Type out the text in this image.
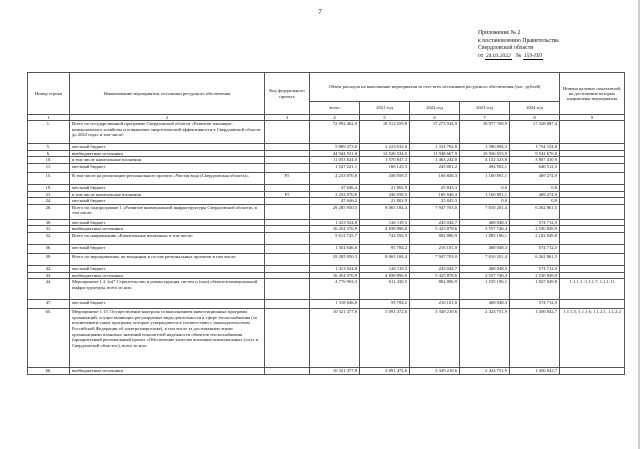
7
Приложение № 2
к постановлению Правительства
Свердловской области
от 24.03.2022 № 159-ПП
Номер строки	Наименование мероприятия, источники ресурсного обеспечения	Код федерального проекта	Объем расходов на выполнение мероприятия за счет всех источников ресурсного обеспечения (тыс. рублей)					Номера целевых показателей, на достижение которых направлены мероприятия
			всего	2021 год	2022 год	2023 год	2024 год	
1	2	3	4	5	6	7	8	9
1.	Всего по государственной программе Свердловской области «Развитие жилищно-коммунального хозяйства и повышение энергетической эффективности в Свердловской области до 2024 года» в том числе:		72 092 462,0	18 512 659,8	17 273 944,9	18 977 769,9	17 328 087,4	
5.	местный бюджет		5 889 473,0	1 223 632,0	1 334 792,8	1 586 894,3	1 754 154,8	
6.	внебюджетные источники		44 944 531,8	12 526 534,0	11 948 667,9	10 926 653,9	9 542 676,0	
10.	в том числе капитальные вложения		11 053 824,0	1 570 847,3	1 463 242,0	4 152 323,8	3 867 410,9	
11.	местный бюджет		1 547 221,1	160 125,3	245 681,2	494 902,1	646 512,5	
15.	В том числе на реализацию регионального проекта «Чистая вода (Свердловская область)»	F5	2 233 070,8	436 058,5	166 846,3	1 160 891,1	469 274,9	
19.	местный бюджет		47 646,2	21 802,9	25 843,3	0,0	0,0	
21.	в том числе капитальные вложения	F5	2 233 070,8	436 058,5	166 846,3	1 160 891,1	469 274,9	
24.	местный бюджет		47 646,2	21 802,9	25 843,3	0,0	0,0	
26.	Всего по подпрограмме 1 «Развитие коммунальной инфраструктуры Свердловской области» в том числе:		29 285 950,3	8 065 184,4	7 947 703,0	7 010 201,4	6 262 861,5	
30.	местный бюджет		1 413 924,8	126 119,3	245 044,7	468 048,3	574 712,5	
31.	внебюджетные источники		16 454 370,9	4 838 896,0	5 425 878,6	3 557 746,4	2 530 849,9	
32.	Всего по направлению «Капитальные вложения» в том числе:		5 612 725,7	742 592,9	802 886,9	1 885 196,1	2 182 049,8	
36.	местный бюджет		1 354 646,0	95 784,2	216 101,0	468 048,3	574 712,5	
39.	Всего по мероприятиям, не входящим в состав региональных проектов в том числе:		29 285 950,3	8 065 184,4	7 947 703,0	7 010 201,4	6 262 861,5	
42.	местный бюджет		1 413 924,8	126 119,3	245 044,7	468 048,3	574 712,5	
43.	внебюджетные источники		16 454 370,9	4 838 896,0	5 425 878,6	3 557 746,4	2 530 849,9	
44.	Мероприятие 1.2. (н)* Строительство и реконструкция систем и (или) объектов коммунальной инфраструктуры, всего из них:		4 776 963,3	611 430,5	802 886,9	1 535 196,1	1 827 049,8	1.1.1.1.-1.1.1.7, 1.1.1.11
47.	местный бюджет		1 318 646,0	59 784,2	216 101,0	468 048,3	574 712,5	
65.	Мероприятие 1.13. Осуществление контроля за выполнением инвестиционных программ организаций, осуществляющих регулируемые виды деятельности в сфере теплоснабжения (за исключением таких программ, которые утверждаются в соответствии с законодательством Российской Федерации об электроэнергетике), в том числе за достижением этими организациями плановых значений показателей надежности объектов теплоснабжения (приоритетный региональный проект «Обеспечение качества жилищно-коммунальных услуг в Свердловской области»), всего из них:		10 321 477,8	3 091 472,6	3 349 210,6	2 424 751,9	1 456 042,7	1.1.1.5, 1.1.1.6, 1.1.2.1, 1.1.2.2
66.	внебюджетные источники		10 321 477,8	3 091 472,6	3 349 210,6	2 424 751,9	1 456 042,7	
